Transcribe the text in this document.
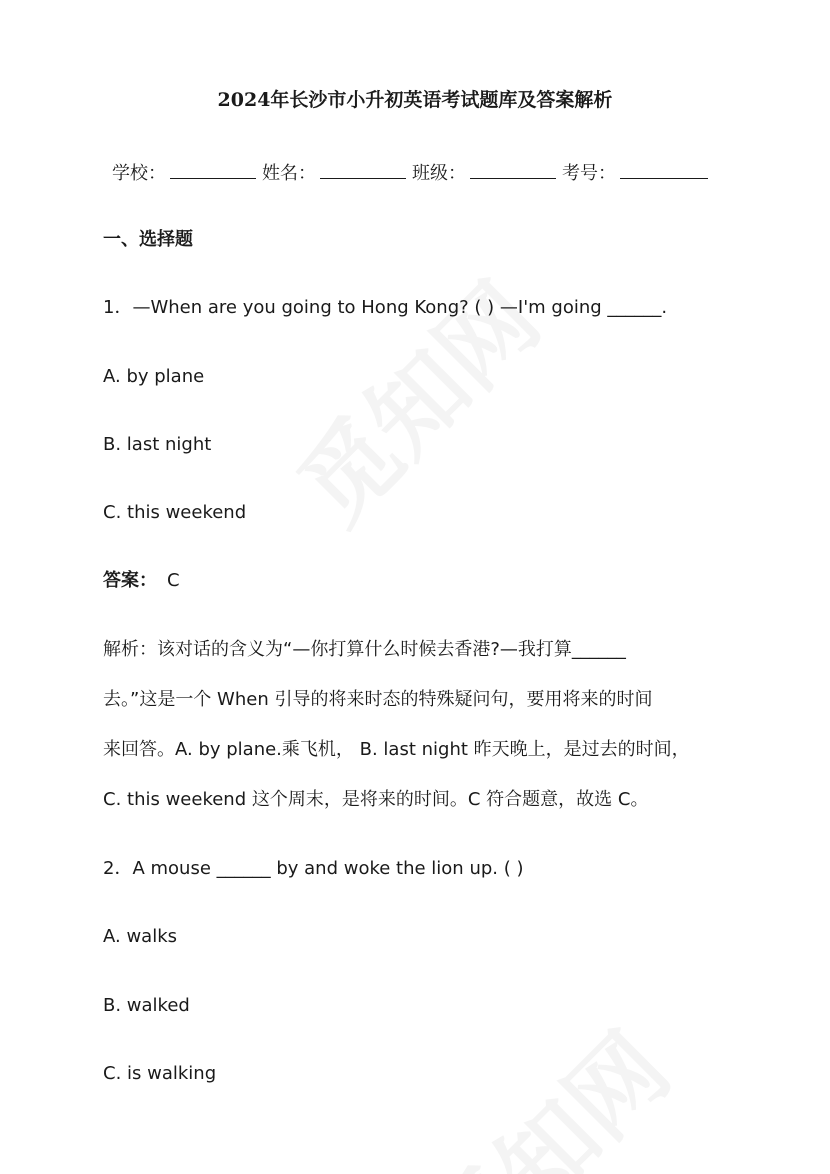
2024年长沙市小升初英语考试题库及答案解析
学校：	姓名：	班级：	考号：
一、选择题
1．—When are you going to Hong Kong? ( ) —I'm going ______.
A. by plane
B. last night
C. this weekend
答案： C
解析：该对话的含义为“—你打算什么时候去香港?—我打算______
去。”这是一个 When 引导的将来时态的特殊疑问句，要用将来的时间
来回答。A. by plane.乘飞机， B. last night 昨天晚上，是过去的时间，
C. this weekend 这个周末，是将来的时间。C 符合题意，故选 C。
2．A mouse ______ by and woke the lion up. ( )
A. walks
B. walked
C. is walking
